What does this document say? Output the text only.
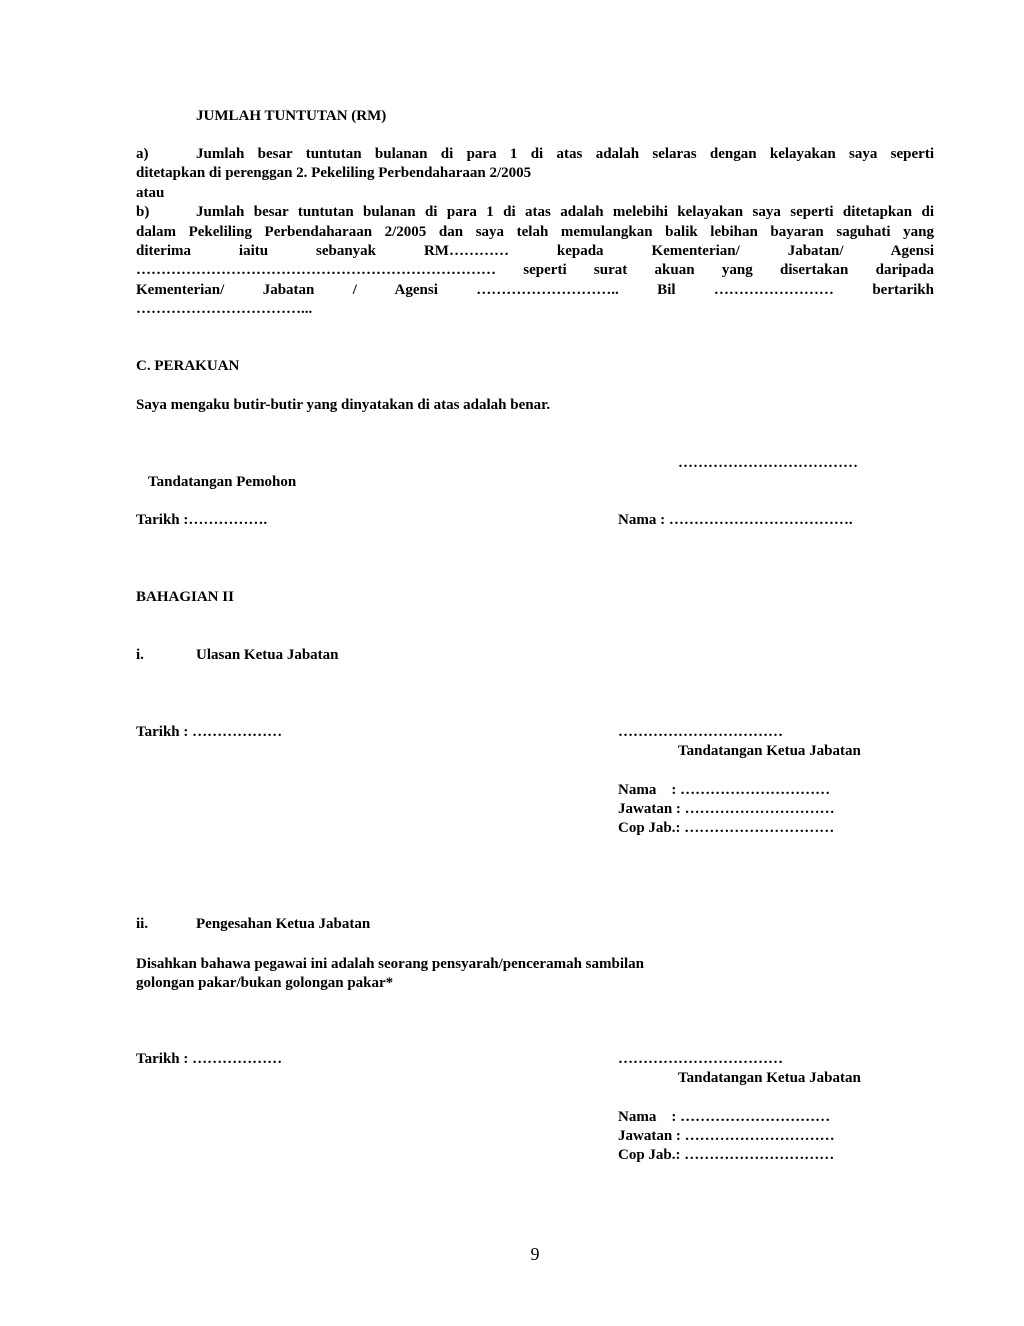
JUMLAH TUNTUTAN (RM)
a)	Jumlah besar tuntutan bulanan di para 1 di atas adalah selaras dengan kelayakan saya seperti
ditetapkan di perenggan 2. Pekeliling Perbendaharaan 2/2005
atau
b)	Jumlah besar tuntutan bulanan di para 1 di atas adalah melebihi kelayakan saya seperti ditetapkan di
dalam Pekeliling Perbendaharaan 2/2005 dan saya telah memulangkan balik lebihan bayaran saguhati yang
diterima iaitu sebanyak RM………… kepada Kementerian/ Jabatan/ Agensi
……………………………………………………………… seperti surat akuan yang disertakan daripada
Kementerian/ Jabatan / Agensi ……………………….. Bil …………………… bertarikh
……………………………...
C. PERAKUAN
Saya mengaku butir-butir yang dinyatakan di atas adalah benar.
………………………………
Tandatangan Pemohon
Tarikh :…………….	Nama : ……………………………….
BAHAGIAN II
i.	Ulasan Ketua Jabatan
Tarikh : ………………	……………………………
Tandatangan Ketua Jabatan
Nama    : …………………………
Jawatan : …………………………
Cop Jab.: …………………………
ii.	Pengesahan Ketua Jabatan
Disahkan bahawa pegawai ini adalah seorang pensyarah/penceramah sambilan
golongan pakar/bukan golongan pakar*
Tarikh : ………………	……………………………
Tandatangan Ketua Jabatan
Nama    : …………………………
Jawatan : …………………………
Cop Jab.: …………………………
9
